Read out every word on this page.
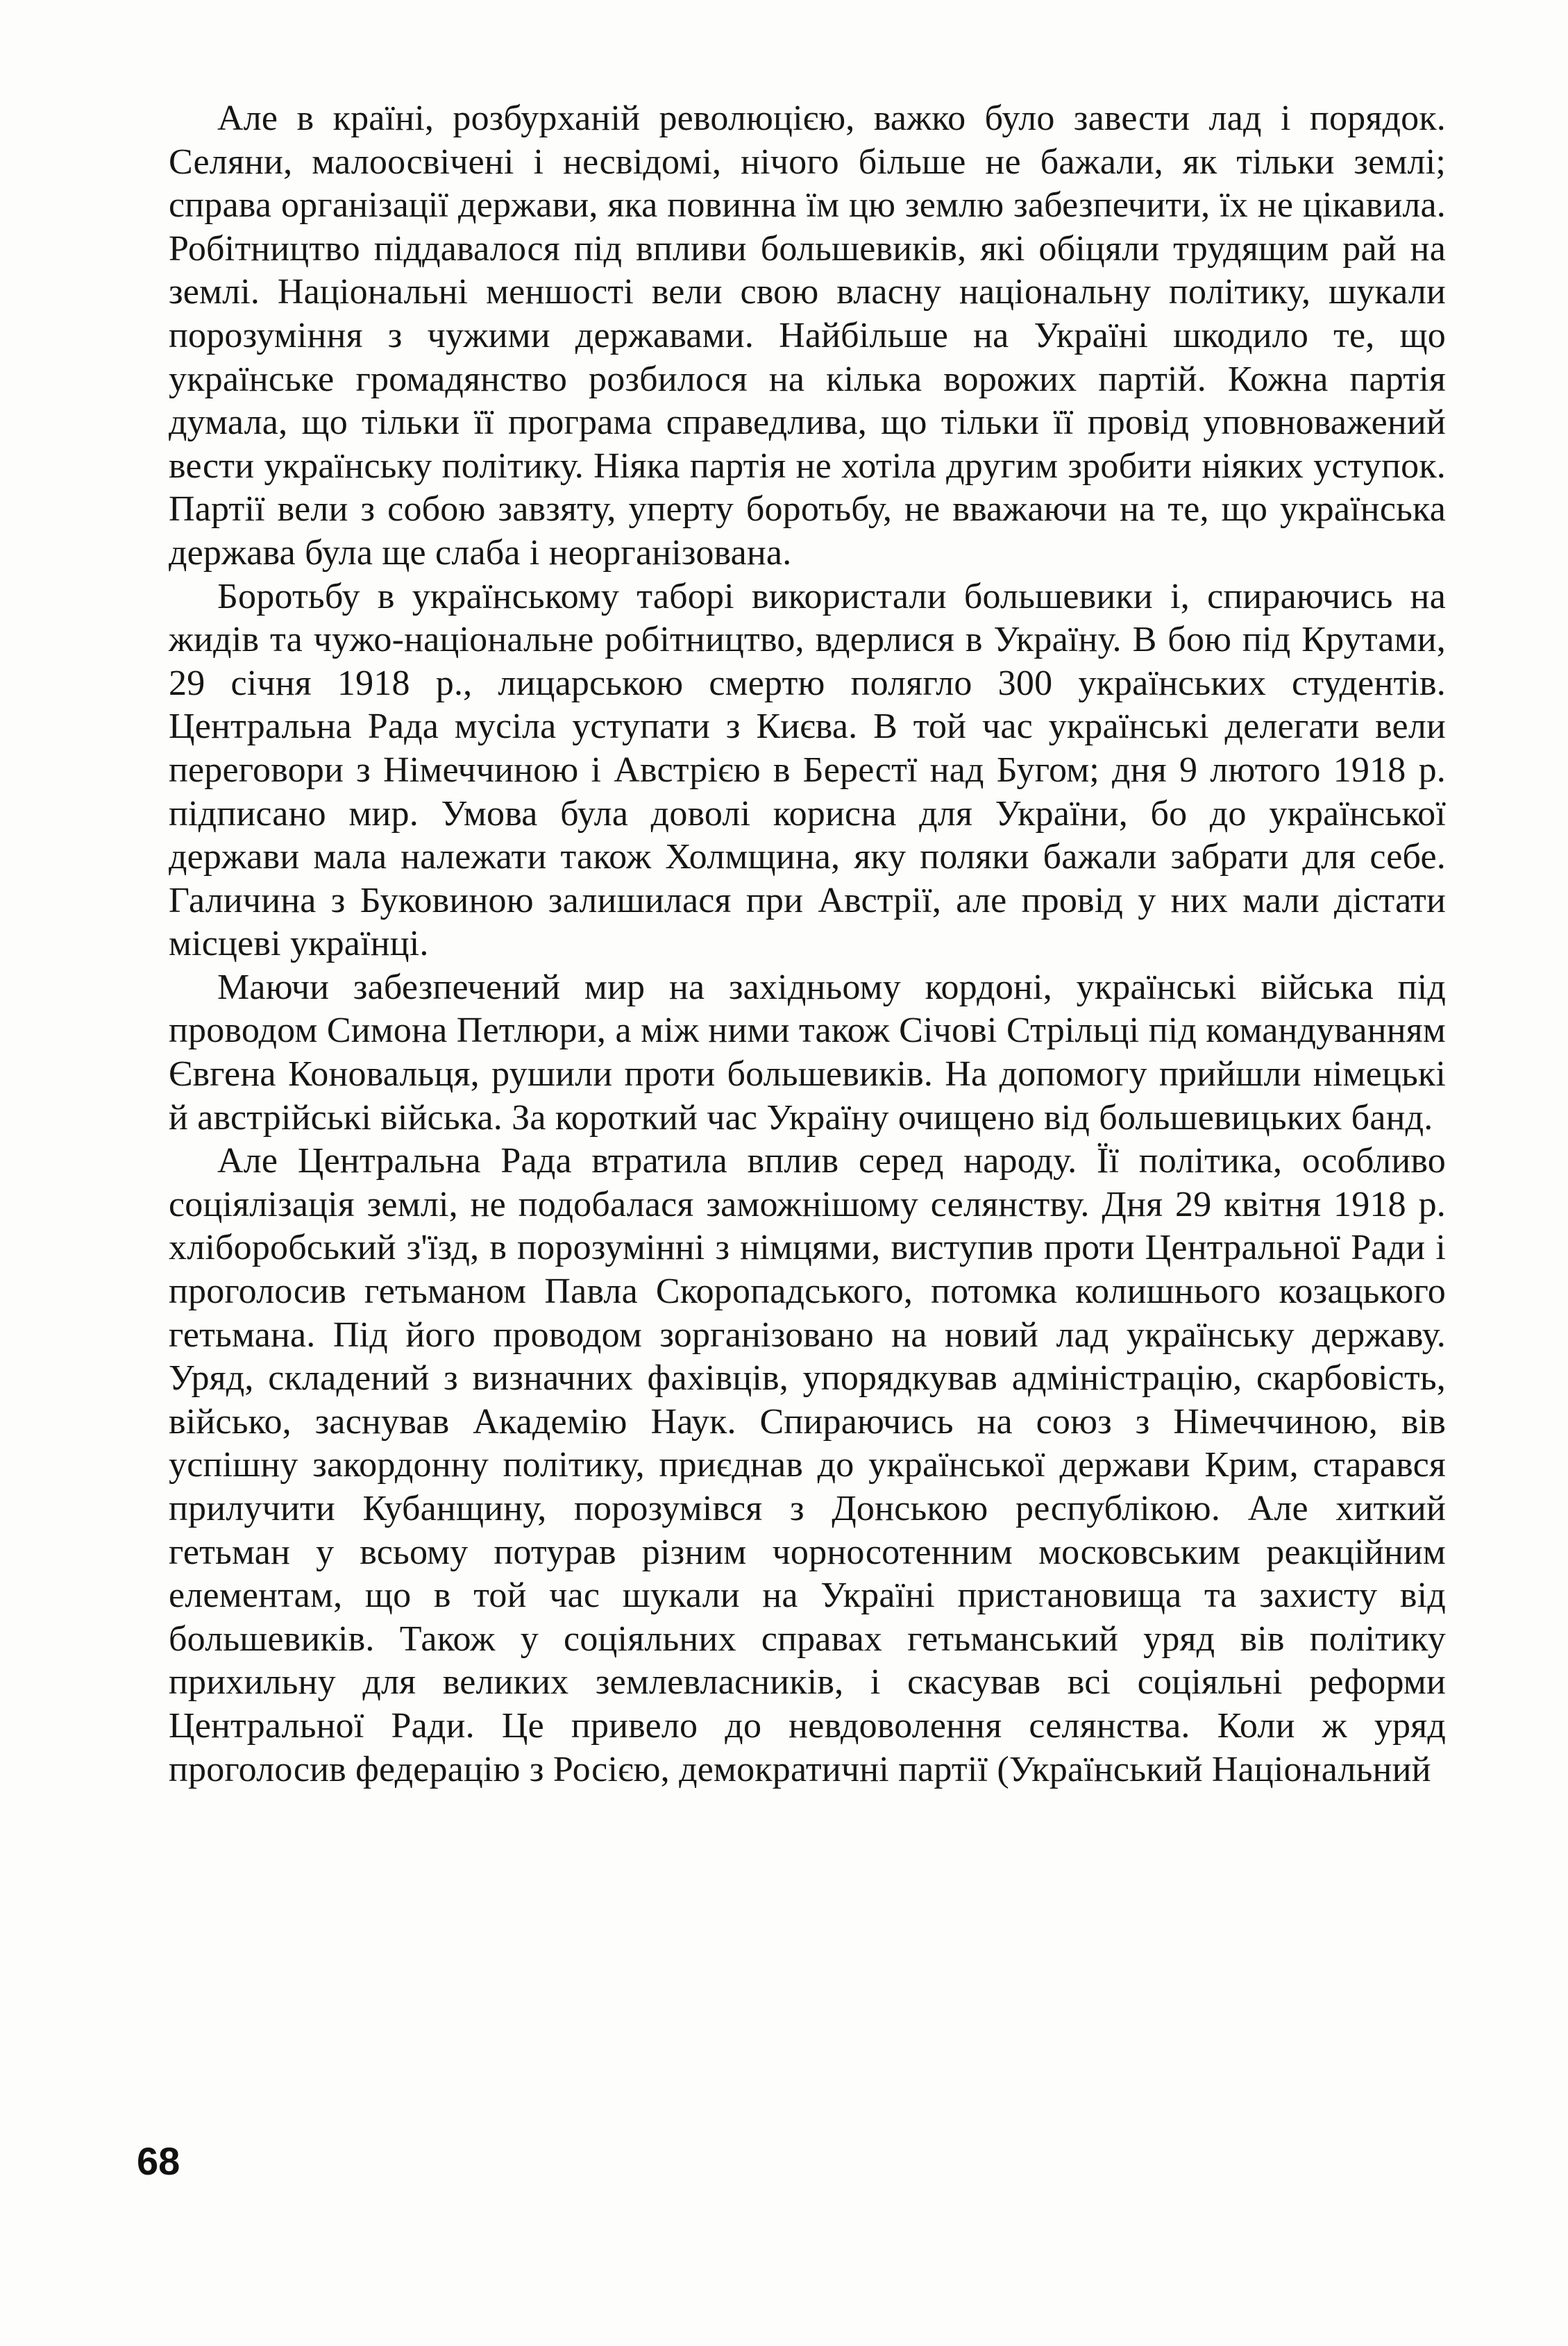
Але в країні, розбурханій революцією, важко було завести лад і порядок. Селяни, малоосвічені і несвідомі, нічого більше не бажали, як тільки землі; справа організації держави, яка повинна їм цю землю забезпечити, їх не цікавила. Робітництво піддавалося під впливи большевиків, які обіцяли трудящим рай на землі. Національні меншості вели свою власну національну політику, шукали порозуміння з чужими державами. Найбільше на Україні шкодило те, що українське громадянство розбилося на кілька ворожих партій. Кожна партія думала, що тільки її програма справедлива, що тільки її провід уповноважений вести українську політику. Ніяка партія не хотіла другим зробити ніяких уступок. Партії вели з собою завзяту, уперту боротьбу, не вважаючи на те, що українська держава була ще слаба і неорганізована.

Боротьбу в українському таборі використали большевики і, спираючись на жидів та чужо-національне робітництво, вдерлися в Україну. В бою під Крутами, 29 січня 1918 р., лицарською смертю полягло 300 українських студентів. Центральна Рада мусіла уступати з Києва. В той час українські делегати вели переговори з Німеччиною і Австрією в Берестї над Бугом; дня 9 лютого 1918 р. підписано мир. Умова була доволі корисна для України, бо до української держави мала належати також Холмщина, яку поляки бажали забрати для себе. Галичина з Буковиною залишилася при Австрії, але провід у них мали дістати місцеві українці.

Маючи забезпечений мир на західньому кордоні, українські війська під проводом Симона Петлюри, а між ними також Січові Стрільці під командуванням Євгена Коновальця, рушили проти большевиків. На допомогу прийшли німецькі й австрійські війська. За короткий час Україну очищено від большевицьких банд.

Але Центральна Рада втратила вплив серед народу. Її політика, особливо соціялізація землі, не подобалася заможнішому селянству. Дня 29 квітня 1918 р. хліборобський з'їзд, в порозумінні з німцями, виступив проти Центральної Ради і проголосив гетьманом Павла Скоропадського, потомка колишнього козацького гетьмана. Під його проводом зорганізовано на новий лад українську державу. Уряд, складений з визначних фахівців, упорядкував адміністрацію, скарбовість, військо, заснував Академію Наук. Спираючись на союз з Німеччиною, вів успішну закордонну політику, приєднав до української держави Крим, старався прилучити Кубанщину, порозумівся з Донською республікою. Але хиткий гетьман у всьому потурав різним чорносотенним московським реакційним елементам, що в той час шукали на Україні пристановища та захисту від большевиків. Також у соціяльних справах гетьманський уряд вів політику прихильну для великих землевласників, і скасував всі соціяльні реформи Центральної Ради. Це привело до невдоволення селянства. Коли ж уряд проголосив федерацію з Росією, демократичні партії (Український Національний

68
